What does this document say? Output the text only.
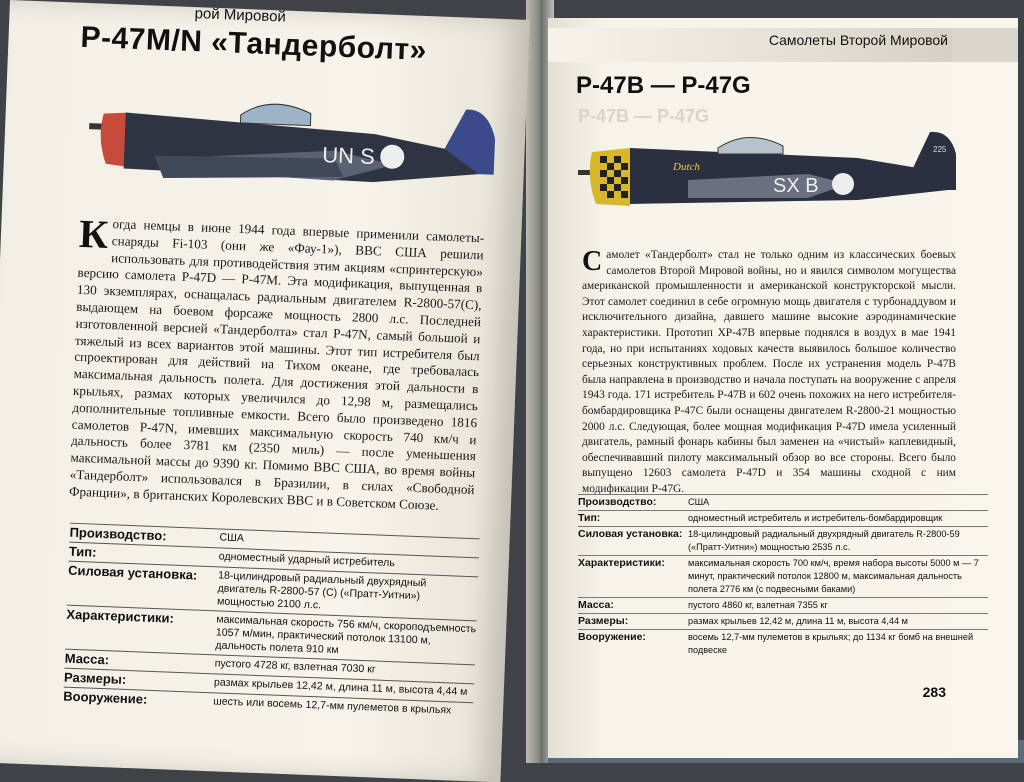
рой Мировой
P-47M/N «Тандерболт»
UN S
Когда немцы в июне 1944 года впервые применили самолеты-снаряды Fi-103 (они же «Фау-1»), ВВС США решили использовать для противодействия этим акциям «спринтерскую» версию самолета P-47D — P-47M. Эта модификация, выпущенная в 130 экземплярах, оснащалась радиальным двигателем R-2800-57(C), выдающем на боевом форсаже мощность 2800 л.с. Последней изготовленной версией «Тандерболта» стал P-47N, самый большой и тяжелый из всех вариантов этой машины. Этот тип истребителя был спроектирован для действий на Тихом океане, где требовалась максимальная дальность полета. Для достижения этой дальности в крыльях, размах которых увеличился до 12,98 м, размещались дополнительные топливные емкости. Всего было произведено 1816 самолетов P-47N, имевших максимальную скорость 740 км/ч и дальность более 3781 км (2350 миль) — после уменьшения максимальной массы до 9390 кг. Помимо ВВС США, во время войны «Тандерболт» использовался в Бразилии, в силах «Свободной Франции», в британских Королевских ВВС и в Советском Союзе.
Производство:	США
Тип:	одноместный ударный истребитель
Силовая установка:	18-цилиндровый радиальный двухрядный двигатель R-2800-57 (C) («Пратт-Уитни») мощностью 2100 л.с.
Характеристики:	максимальная скорость 756 км/ч, скороподъемность 1057 м/мин, практический потолок 13100 м, дальность полета 910 км
Масса:	пустого 4728 кг, взлетная 7030 кг
Размеры:	размах крыльев 12,42 м, длина 11 м, высота 4,44 м
Вооружение:	шесть или восемь 12,7-мм пулеметов в крыльях
Самолеты Второй Мировой
P-47B — P-47G
P-47B — P-47G
225
Dutch
SX B
Самолет «Тандерболт» стал не только одним из классических боевых самолетов Второй Мировой войны, но и явился символом могущества американской промышленности и американской конструкторской мысли. Этот самолет соединил в себе огромную мощь двигателя с турбонаддувом и исключительного дизайна, давшего машине высокие аэродинамические характеристики. Прототип XP-47B впервые поднялся в воздух в мае 1941 года, но при испытаниях ходовых качеств выявилось большое количество серьезных конструктивных проблем. После их устранения модель P-47B была направлена в производство и начала поступать на вооружение с апреля 1943 года. 171 истребитель P-47B и 602 очень похожих на него истребителя-бомбардировщика P-47C были оснащены двигателем R-2800-21 мощностью 2000 л.с. Следующая, более мощная модификация P-47D имела усиленный двигатель, рамный фонарь кабины был заменен на «чистый» каплевидный, обеспечивавший пилоту максимальный обзор во все стороны. Всего было выпущено 12603 самолета P-47D и 354 машины сходной с ним модификации P-47G.
Производство:	США
Тип:	одноместный истребитель и истребитель-бомбардировщик
Силовая установка:	18-цилиндровый радиальный двухрядный двигатель R-2800-59 («Пратт-Уитни») мощностью 2535 л.с.
Характеристики:	максимальная скорость 700 км/ч, время набора высоты 5000 м — 7 минут, практический потолок 12800 м, максимальная дальность полета 2776 км (с подвесными баками)
Масса:	пустого 4860 кг, взлетная 7355 кг
Размеры:	размах крыльев 12,42 м, длина 11 м, высота 4,44 м
Вооружение:	восемь 12,7-мм пулеметов в крыльях; до 1134 кг бомб на внешней подвеске
283
